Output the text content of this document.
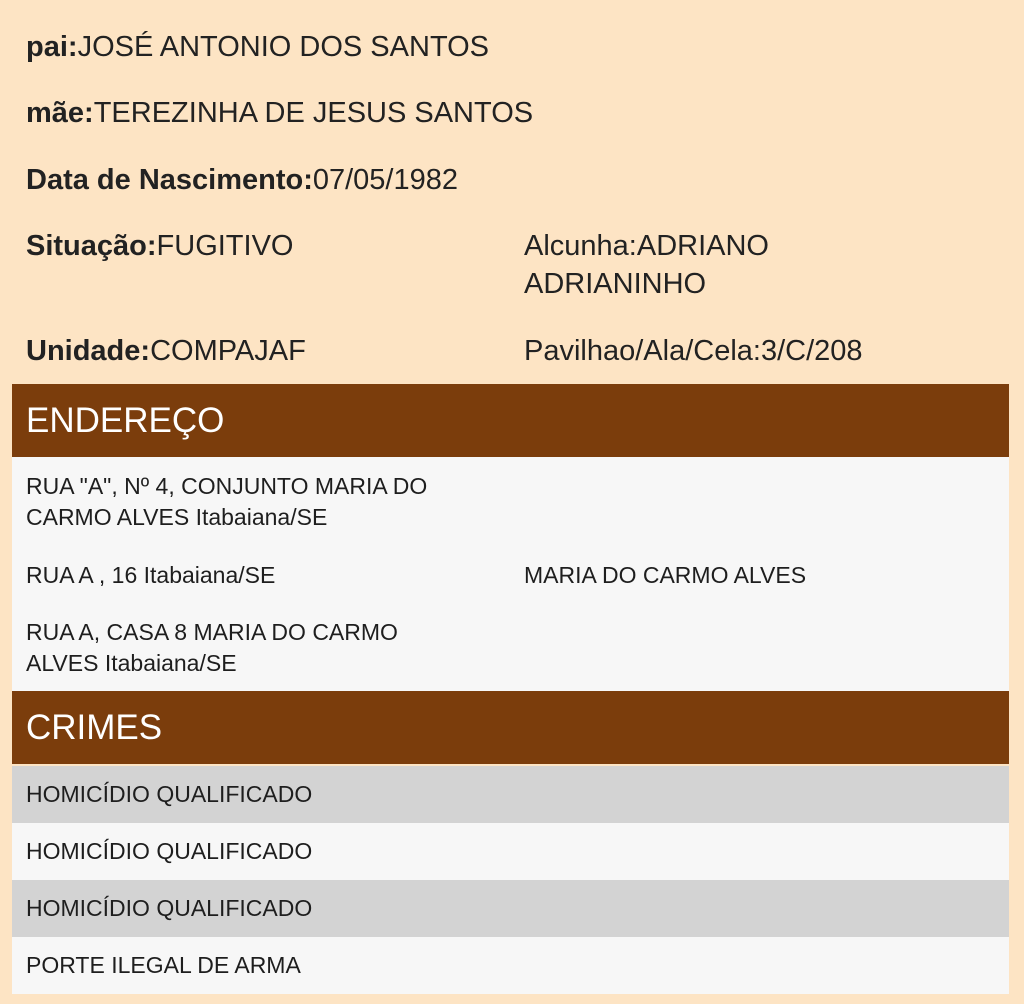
pai:JOSÉ ANTONIO DOS SANTOS
mãe:TEREZINHA DE JESUS SANTOS
Data de Nascimento:07/05/1982
Situação:FUGITIVO	Alcunha:ADRIANO ADRIANINHO
Unidade:COMPAJAF	Pavilhao/Ala/Cela:3/C/208
ENDEREÇO
RUA "A", Nº 4, CONJUNTO MARIA DO CARMO ALVES Itabaiana/SE
RUA A , 16 Itabaiana/SE	MARIA DO CARMO ALVES
RUA A, CASA 8 MARIA DO CARMO ALVES Itabaiana/SE
CRIMES
HOMICÍDIO QUALIFICADO
HOMICÍDIO QUALIFICADO
HOMICÍDIO QUALIFICADO
PORTE ILEGAL DE ARMA
